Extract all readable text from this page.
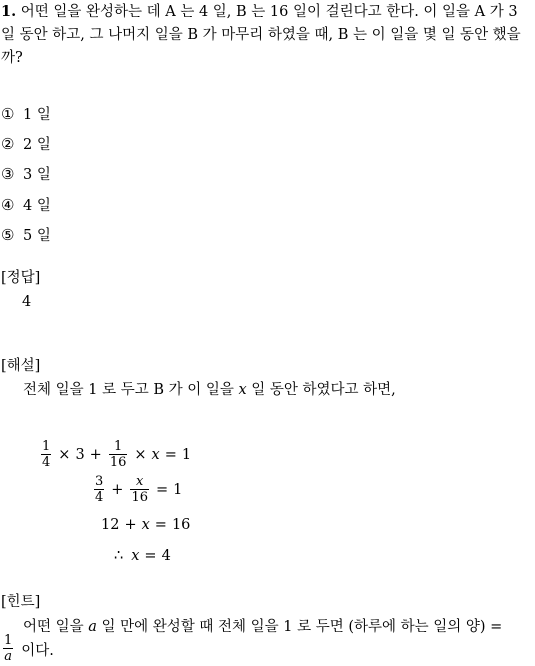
1. 어떤 일을 완성하는 데 A 는 4 일, B 는 16 일이 걸린다고 한다. 이 일을 A 가 3 일 동안 하고, 그 나머지 일을 B 가 마무리 하였을 때, B 는 이 일을 몇 일 동안 했을까?
① 1 일
② 2 일
③ 3 일
④ 4 일
⑤ 5 일
[정답]
4
[해설]
전체 일을 1 로 두고 B 가 이 일을 x 일 동안 하였다고 하면,
$\frac{1}{4} \times 3 + \frac{1}{16} \times x = 1$
$\frac{3}{4} + \frac{x}{16} = 1$
12 + x = 16
∴ x = 4
[힌트]
어떤 일을 a 일 만에 완성할 때 전체 일을 1 로 두면 (하루에 하는 일의 양) =
$\frac{1}{a}$ 이다.
